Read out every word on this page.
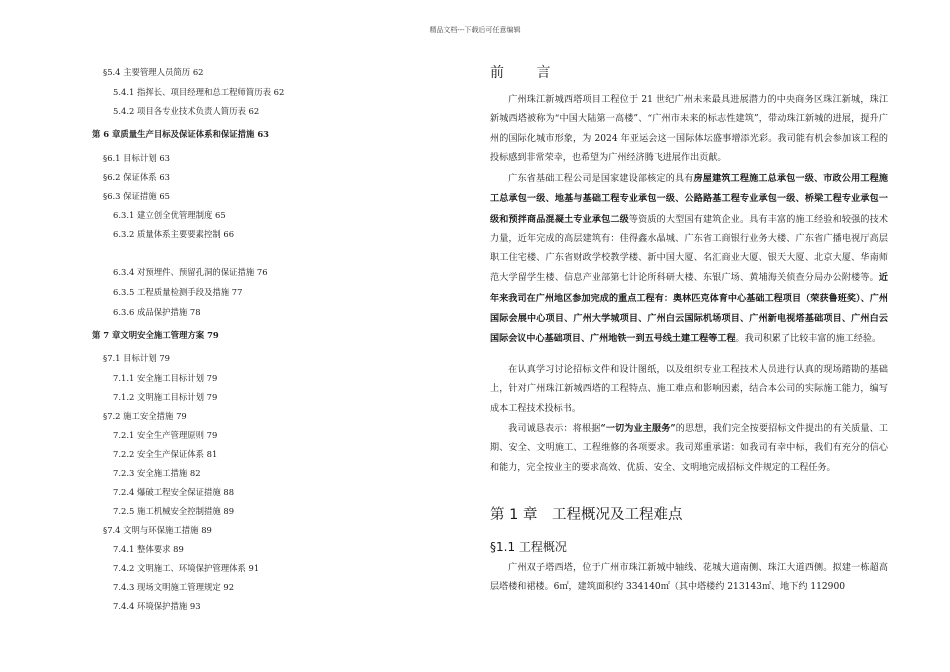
精品文档---下载后可任意编辑
§5.4 主要管理人员简历 62
5.4.1 指挥长、项目经理和总工程师简历表 62
5.4.2 项目各专业技术负责人简历表 62
第 6 章质量生产目标及保证体系和保证措施 63
§6.1 目标计划 63
§6.2 保证体系 63
§6.3 保证措施 65
6.3.1 建立创全优管理制度 65
6.3.2 质量体系主要要素控制 66
6.3.4 对预埋件、预留孔洞的保证措施 76
6.3.5 工程质量检测手段及措施 77
6.3.6 成品保护措施 78
第 7 章文明安全施工管理方案 79
§7.1 目标计划 79
7.1.1 安全施工目标计划 79
7.1.2 文明施工目标计划 79
§7.2 施工安全措施 79
7.2.1 安全生产管理原则 79
7.2.2 安全生产保证体系 81
7.2.3 安全施工措施 82
7.2.4 爆破工程安全保证措施 88
7.2.5 施工机械安全控制措施 89
§7.4 文明与环保施工措施 89
7.4.1 整体要求 89
7.4.2 文明施工、环境保护管理体系 91
7.4.3 现场文明施工管理规定 92
7.4.4 环境保护措施 93
前 言
广州珠江新城西塔项目工程位于 21 世纪广州未来最具进展潜力的中央商务区珠江新城，珠江新城西塔被称为“中国大陆第一高楼”、“广州市未来的标志性建筑”，带动珠江新城的进展，提升广州的国际化城市形象，为 2024 年亚运会这一国际体坛盛事增添光彩。我司能有机会参加该工程的投标感到非常荣幸，也希望为广州经济腾飞进展作出贡献。
广东省基础工程公司是国家建设部核定的具有房屋建筑工程施工总承包一级、市政公用工程施工总承包一级、地基与基础工程专业承包一级、公路路基工程专业承包一级、桥梁工程专业承包一级和预拌商品混凝土专业承包二级等资质的大型国有建筑企业。具有丰富的施工经验和较强的技术力量，近年完成的高层建筑有：佳得鑫水晶城、广东省工商银行业务大楼、广东省广播电视厅高层职工住宅楼、广东省财政学校教学楼、新中国大厦、名汇商业大厦、银天大厦、北京大厦、华南师范大学留学生楼、信息产业部第七计论所科研大楼、东银广场、黄埔海关侦查分局办公附楼等。近年来我司在广州地区参加完成的重点工程有：奥林匹克体育中心基础工程项目（荣获鲁班奖）、广州国际会展中心项目、广州大学城项目、广州白云国际机场项目、广州新电视塔基础项目、广州白云国际会议中心基础项目、广州地铁一到五号线土建工程等工程。我司积累了比较丰富的施工经验。
在认真学习讨论招标文件和设计图纸，以及组织专业工程技术人员进行认真的现场踏勘的基础上，针对广州珠江新城西塔的工程特点、施工难点和影响因素，结合本公司的实际施工能力，编写成本工程技术投标书。
我司诚恳表示：将根据“一切为业主服务”的思想，我们完全按要招标文件提出的有关质量、工期、安全、文明施工、工程维修的各项要求。我司郑重承诺：如我司有幸中标，我们有充分的信心和能力，完全按业主的要求高效、优质、安全、文明地完成招标文件规定的工程任务。
第 1 章　工程概况及工程难点
§1.1 工程概况
广州双子塔西塔，位于广州市珠江新城中轴线、花城大道南侧、珠江大道西侧。拟建一栋超高层塔楼和裙楼。6㎡，建筑面积约 334140㎡（其中塔楼约 213143㎡、地下约 112900
